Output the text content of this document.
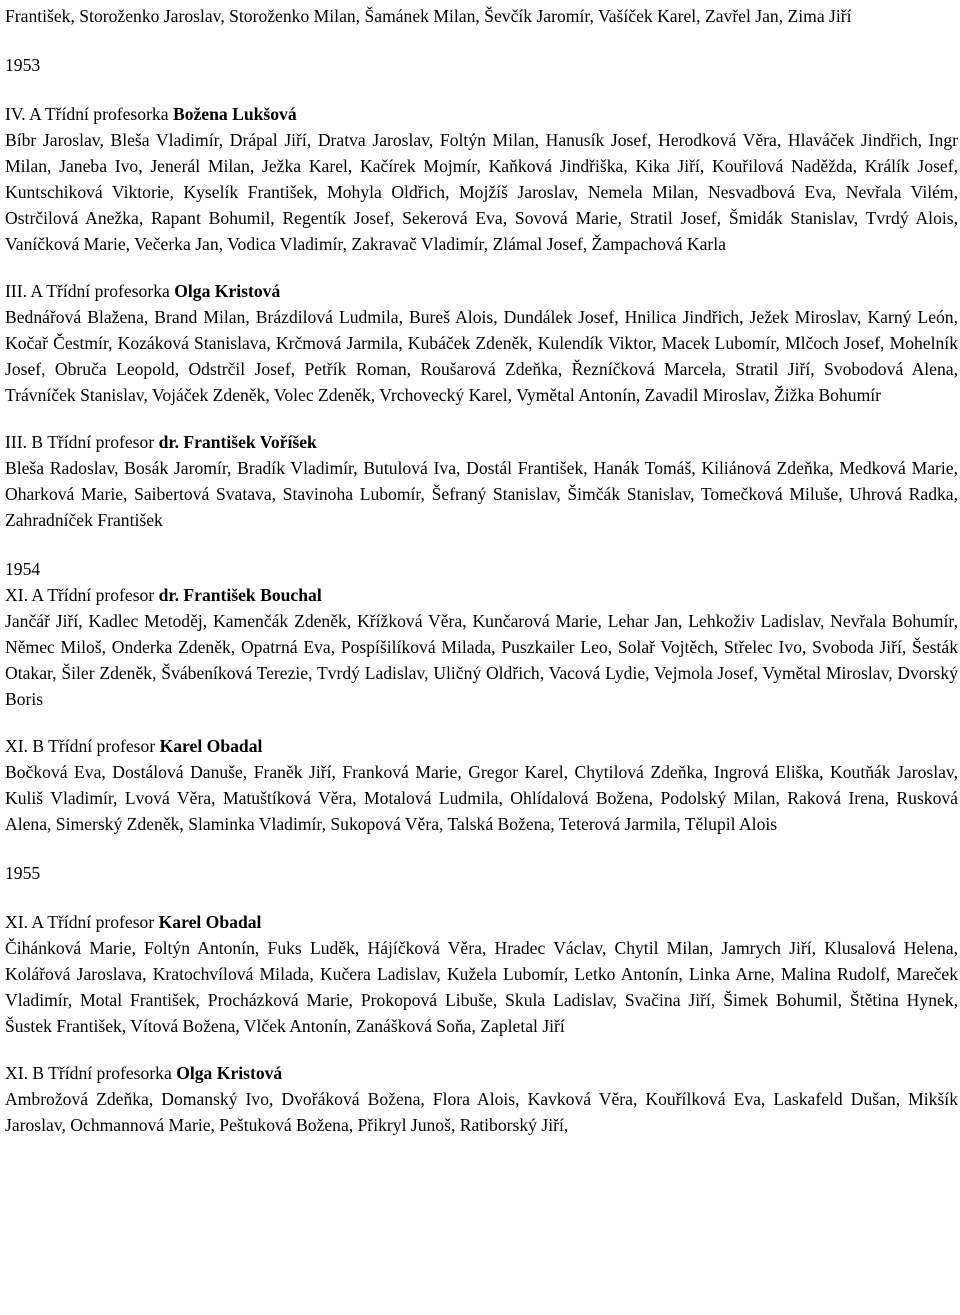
František, Storoženko Jaroslav, Storoženko Milan, Šamánek Milan, Ševčík Jaromír, Vašíček Karel, Zavřel Jan, Zima Jiří

1953

IV. A Třídní profesorka Božena Lukšová

Bíbr Jaroslav, Bleša Vladimír, Drápal Jiří, Dratva Jaroslav, Foltýn Milan, Hanusík Josef, Herodková Věra, Hlaváček Jindřich, Ingr Milan, Janeba Ivo, Jenerál Milan, Ježka Karel, Kačírek Mojmír, Kaňková Jindřiška, Kika Jiří, Kouřilová Naděžda, Králík Josef, Kuntschiková Viktorie, Kyselík František, Mohyla Oldřich, Mojžíš Jaroslav, Nemela Milan, Nesvadbová Eva, Nevřala Vilém, Ostrčilová Anežka, Rapant Bohumil, Regentík Josef, Sekerová Eva, Sovová Marie, Stratil Josef, Šmidák Stanislav, Tvrdý Alois, Vaníčková Marie, Večerka Jan, Vodica Vladimír, Zakravač Vladimír, Zlámal Josef, Žampachová Karla

III. A Třídní profesorka Olga Kristová

Bednářová Blažena, Brand Milan, Brázdilová Ludmila, Bureš Alois, Dundálek Josef, Hnilica Jindřich, Ježek Miroslav, Karný León, Kočař Čestmír, Kozáková Stanislava, Krčmová Jarmila, Kubáček Zdeněk, Kulendík Viktor, Macek Lubomír, Mlčoch Josef, Mohelník Josef, Obruča Leopold, Odstrčil Josef, Petřík Roman, Roušarová Zdeňka, Řezníčková Marcela, Stratil Jiří, Svobodová Alena, Trávníček Stanislav, Vojáček Zdeněk, Volec Zdeněk, Vrchovecký Karel, Vymětal Antonín, Zavadil Miroslav, Žižka Bohumír

III. B Třídní profesor dr. František Voříšek

Bleša Radoslav, Bosák Jaromír, Bradík Vladimír, Butulová Iva, Dostál František, Hanák Tomáš, Kiliánová Zdeňka, Medková Marie, Oharková Marie, Saibertová Svatava, Stavinoha Lubomír, Šefraný Stanislav, Šimčák Stanislav, Tomečková Miluše, Uhrová Radka, Zahradníček František

1954

XI. A Třídní profesor dr. František Bouchal

Jančář Jiří, Kadlec Metoděj, Kamenčák Zdeněk, Křížková Věra, Kunčarová Marie, Lehar Jan, Lehkoživ Ladislav, Nevřala Bohumír, Němec Miloš, Onderka Zdeněk, Opatrná Eva, Pospíšilíková Milada, Puszkailer Leo, Solař Vojtěch, Střelec Ivo, Svoboda Jiří, Šesták Otakar, Šiler Zdeněk, Švábeníková Terezie, Tvrdý Ladislav, Uličný Oldřich, Vacová Lydie, Vejmola Josef, Vymětal Miroslav, Dvorský Boris

XI. B Třídní profesor Karel Obadal

Bočková Eva, Dostálová Danuše, Franěk Jiří, Franková Marie, Gregor Karel, Chytilová Zdeňka, Ingrová Eliška, Koutňák Jaroslav, Kuliš Vladimír, Lvová Věra, Matuštíková Věra, Motalová Ludmila, Ohlídalová Božena, Podolský Milan, Raková Irena, Rusková Alena, Simerský Zdeněk, Slaminka Vladimír, Sukopová Věra, Talská Božena, Teterová Jarmila, Tělupil Alois

1955

XI. A Třídní profesor Karel Obadal

Čihánková Marie, Foltýn Antonín, Fuks Luděk, Hájíčková Věra, Hradec Václav, Chytil Milan, Jamrych Jiří, Klusalová Helena, Kolářová Jaroslava, Kratochvílová Milada, Kučera Ladislav, Kužela Lubomír, Letko Antonín, Linka Arne, Malina Rudolf, Mareček Vladimír, Motal František, Procházková Marie, Prokopová Libuše, Skula Ladislav, Svačina Jiří, Šimek Bohumil, Štětina Hynek, Šustek František, Vítová Božena, Vlček Antonín, Zanášková Soňa, Zapletal Jiří

XI. B Třídní profesorka Olga Kristová

Ambrožová Zdeňka, Domanský Ivo, Dvořáková Božena, Flora Alois, Kavková Věra, Kouřílková Eva, Laskafeld Dušan, Mikšík Jaroslav, Ochmannová Marie, Peštuková Božena, Přikryl Junoš, Ratiborský Jiří,
